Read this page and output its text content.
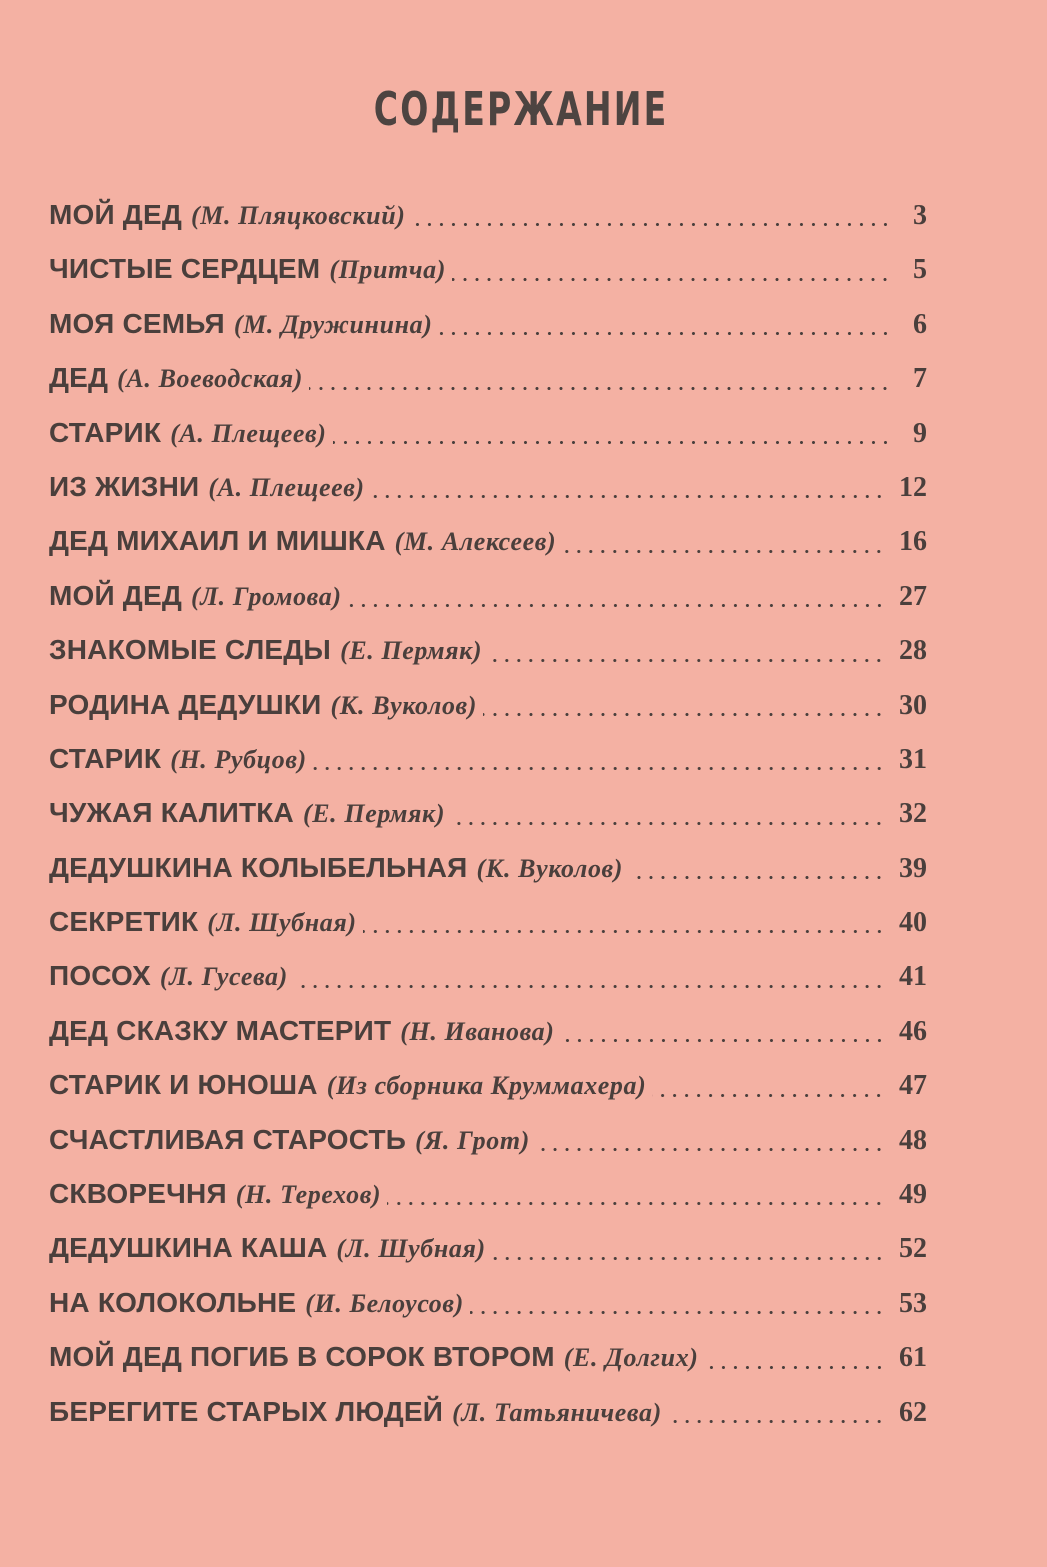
СОДЕРЖАНИЕ
МОЙ ДЕД (М. Пляцковский)	3
ЧИСТЫЕ СЕРДЦЕМ (Притча)	5
МОЯ СЕМЬЯ (М. Дружинина)	6
ДЕД (А. Воеводская)	7
СТАРИК (А. Плещеев)	9
ИЗ ЖИЗНИ (А. Плещеев)	12
ДЕД МИХАИЛ И МИШКА (М. Алексеев)	16
МОЙ ДЕД (Л. Громова)	27
ЗНАКОМЫЕ СЛЕДЫ (Е. Пермяк)	28
РОДИНА ДЕДУШКИ (К. Вуколов)	30
СТАРИК (Н. Рубцов)	31
ЧУЖАЯ КАЛИТКА (Е. Пермяк)	32
ДЕДУШКИНА КОЛЫБЕЛЬНАЯ (К. Вуколов)	39
СЕКРЕТИК (Л. Шубная)	40
ПОСОХ (Л. Гусева)	41
ДЕД СКАЗКУ МАСТЕРИТ (Н. Иванова)	46
СТАРИК И ЮНОША (Из сборника Круммахера)	47
СЧАСТЛИВАЯ СТАРОСТЬ (Я. Грот)	48
СКВОРЕЧНЯ (Н. Терехов)	49
ДЕДУШКИНА КАША (Л. Шубная)	52
НА КОЛОКОЛЬНЕ (И. Белоусов)	53
МОЙ ДЕД ПОГИБ В СОРОК ВТОРОМ (Е. Долгих)	61
БЕРЕГИТЕ СТАРЫХ ЛЮДЕЙ (Л. Татьяничева)	62
